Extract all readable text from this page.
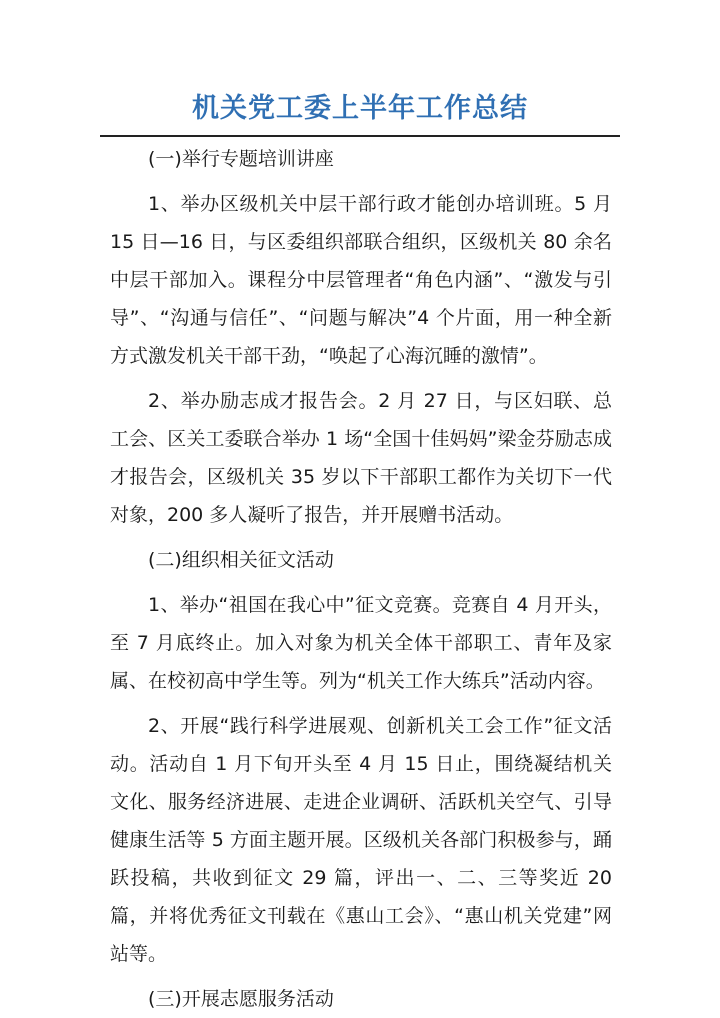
机关党工委上半年工作总结

(一)举行专题培训讲座

1、举办区级机关中层干部行政才能创办培训班。5 月 15 日—16 日，与区委组织部联合组织，区级机关 80 余名中层干部加入。课程分中层管理者“角色内涵”、“激发与引导”、“沟通与信任”、“问题与解决”4 个片面，用一种全新方式激发机关干部干劲，“唤起了心海沉睡的激情”。

2、举办励志成才报告会。2 月 27 日，与区妇联、总工会、区关工委联合举办 1 场“全国十佳妈妈”梁金芬励志成才报告会，区级机关 35 岁以下干部职工都作为关切下一代对象，200 多人凝听了报告，并开展赠书活动。

(二)组织相关征文活动

1、举办“祖国在我心中”征文竞赛。竞赛自 4 月开头，至 7 月底终止。加入对象为机关全体干部职工、青年及家属、在校初高中学生等。列为“机关工作大练兵”活动内容。

2、开展“践行科学进展观、创新机关工会工作”征文活动。活动自 1 月下旬开头至 4 月 15 日止，围绕凝结机关文化、服务经济进展、走进企业调研、活跃机关空气、引导健康生活等 5 方面主题开展。区级机关各部门积极参与，踊跃投稿，共收到征文 29 篇，评出一、二、三等奖近 20 篇，并将优秀征文刊载在《惠山工会》、“惠山机关党建”网站等。

(三)开展志愿服务活动
